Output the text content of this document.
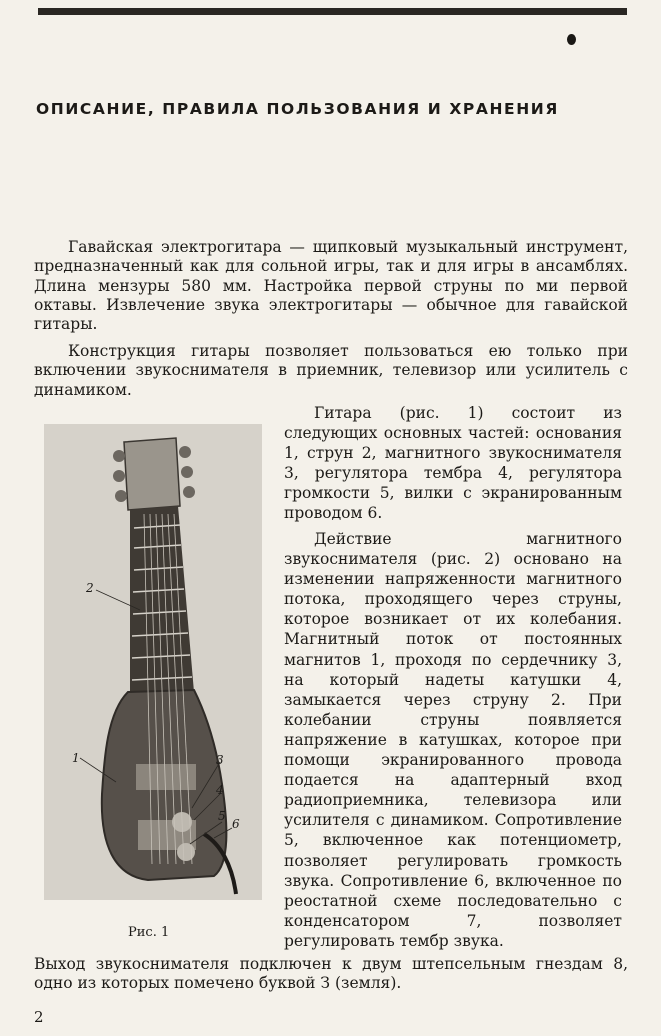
ОПИСАНИЕ, ПРАВИЛА ПОЛЬЗОВАНИЯ И ХРАНЕНИЯ

Гавайская электрогитара — щипковый музыкальный инструмент, предназначенный как для сольной игры, так и для игры в ансамблях. Длина мензуры 580 мм. Настройка первой струны по ми первой октавы. Извлечение звука электрогитары — обычное для гавайской гитары.

Конструкция гитары позволяет пользоваться ею только при включении звукоснимателя в приемник, телевизор или усилитель с динамиком.

1
2
3
4
5
6
Рис. 1

Гитара (рис. 1) состоит из следующих основных частей: основания 1, струн 2, магнитного звукоснимателя 3, регулятора тембра 4, регулятора громкости 5, вилки с экранированным проводом 6.

Действие магнитного звукоснимателя (рис. 2) основано на изменении напряженности магнитного потока, проходящего через струны, которое возникает от их колебания. Магнитный поток от постоянных магнитов 1, проходя по сердечнику 3, на который надеты катушки 4, замыкается через струну 2. При колебании струны появляется напряжение в катушках, которое при помощи экранированного провода подается на адаптерный вход радиоприемника, телевизора или усилителя с динамиком. Сопротивление 5, включенное как потенциометр, позволяет регулировать громкость звука. Сопротивление 6, включенное по реостатной схеме последовательно с конденсатором 7, позволяет регулировать тембр звука.

Выход звукоснимателя подключен к двум штепсельным гнездам 8, одно из которых помечено буквой З (земля).

2
